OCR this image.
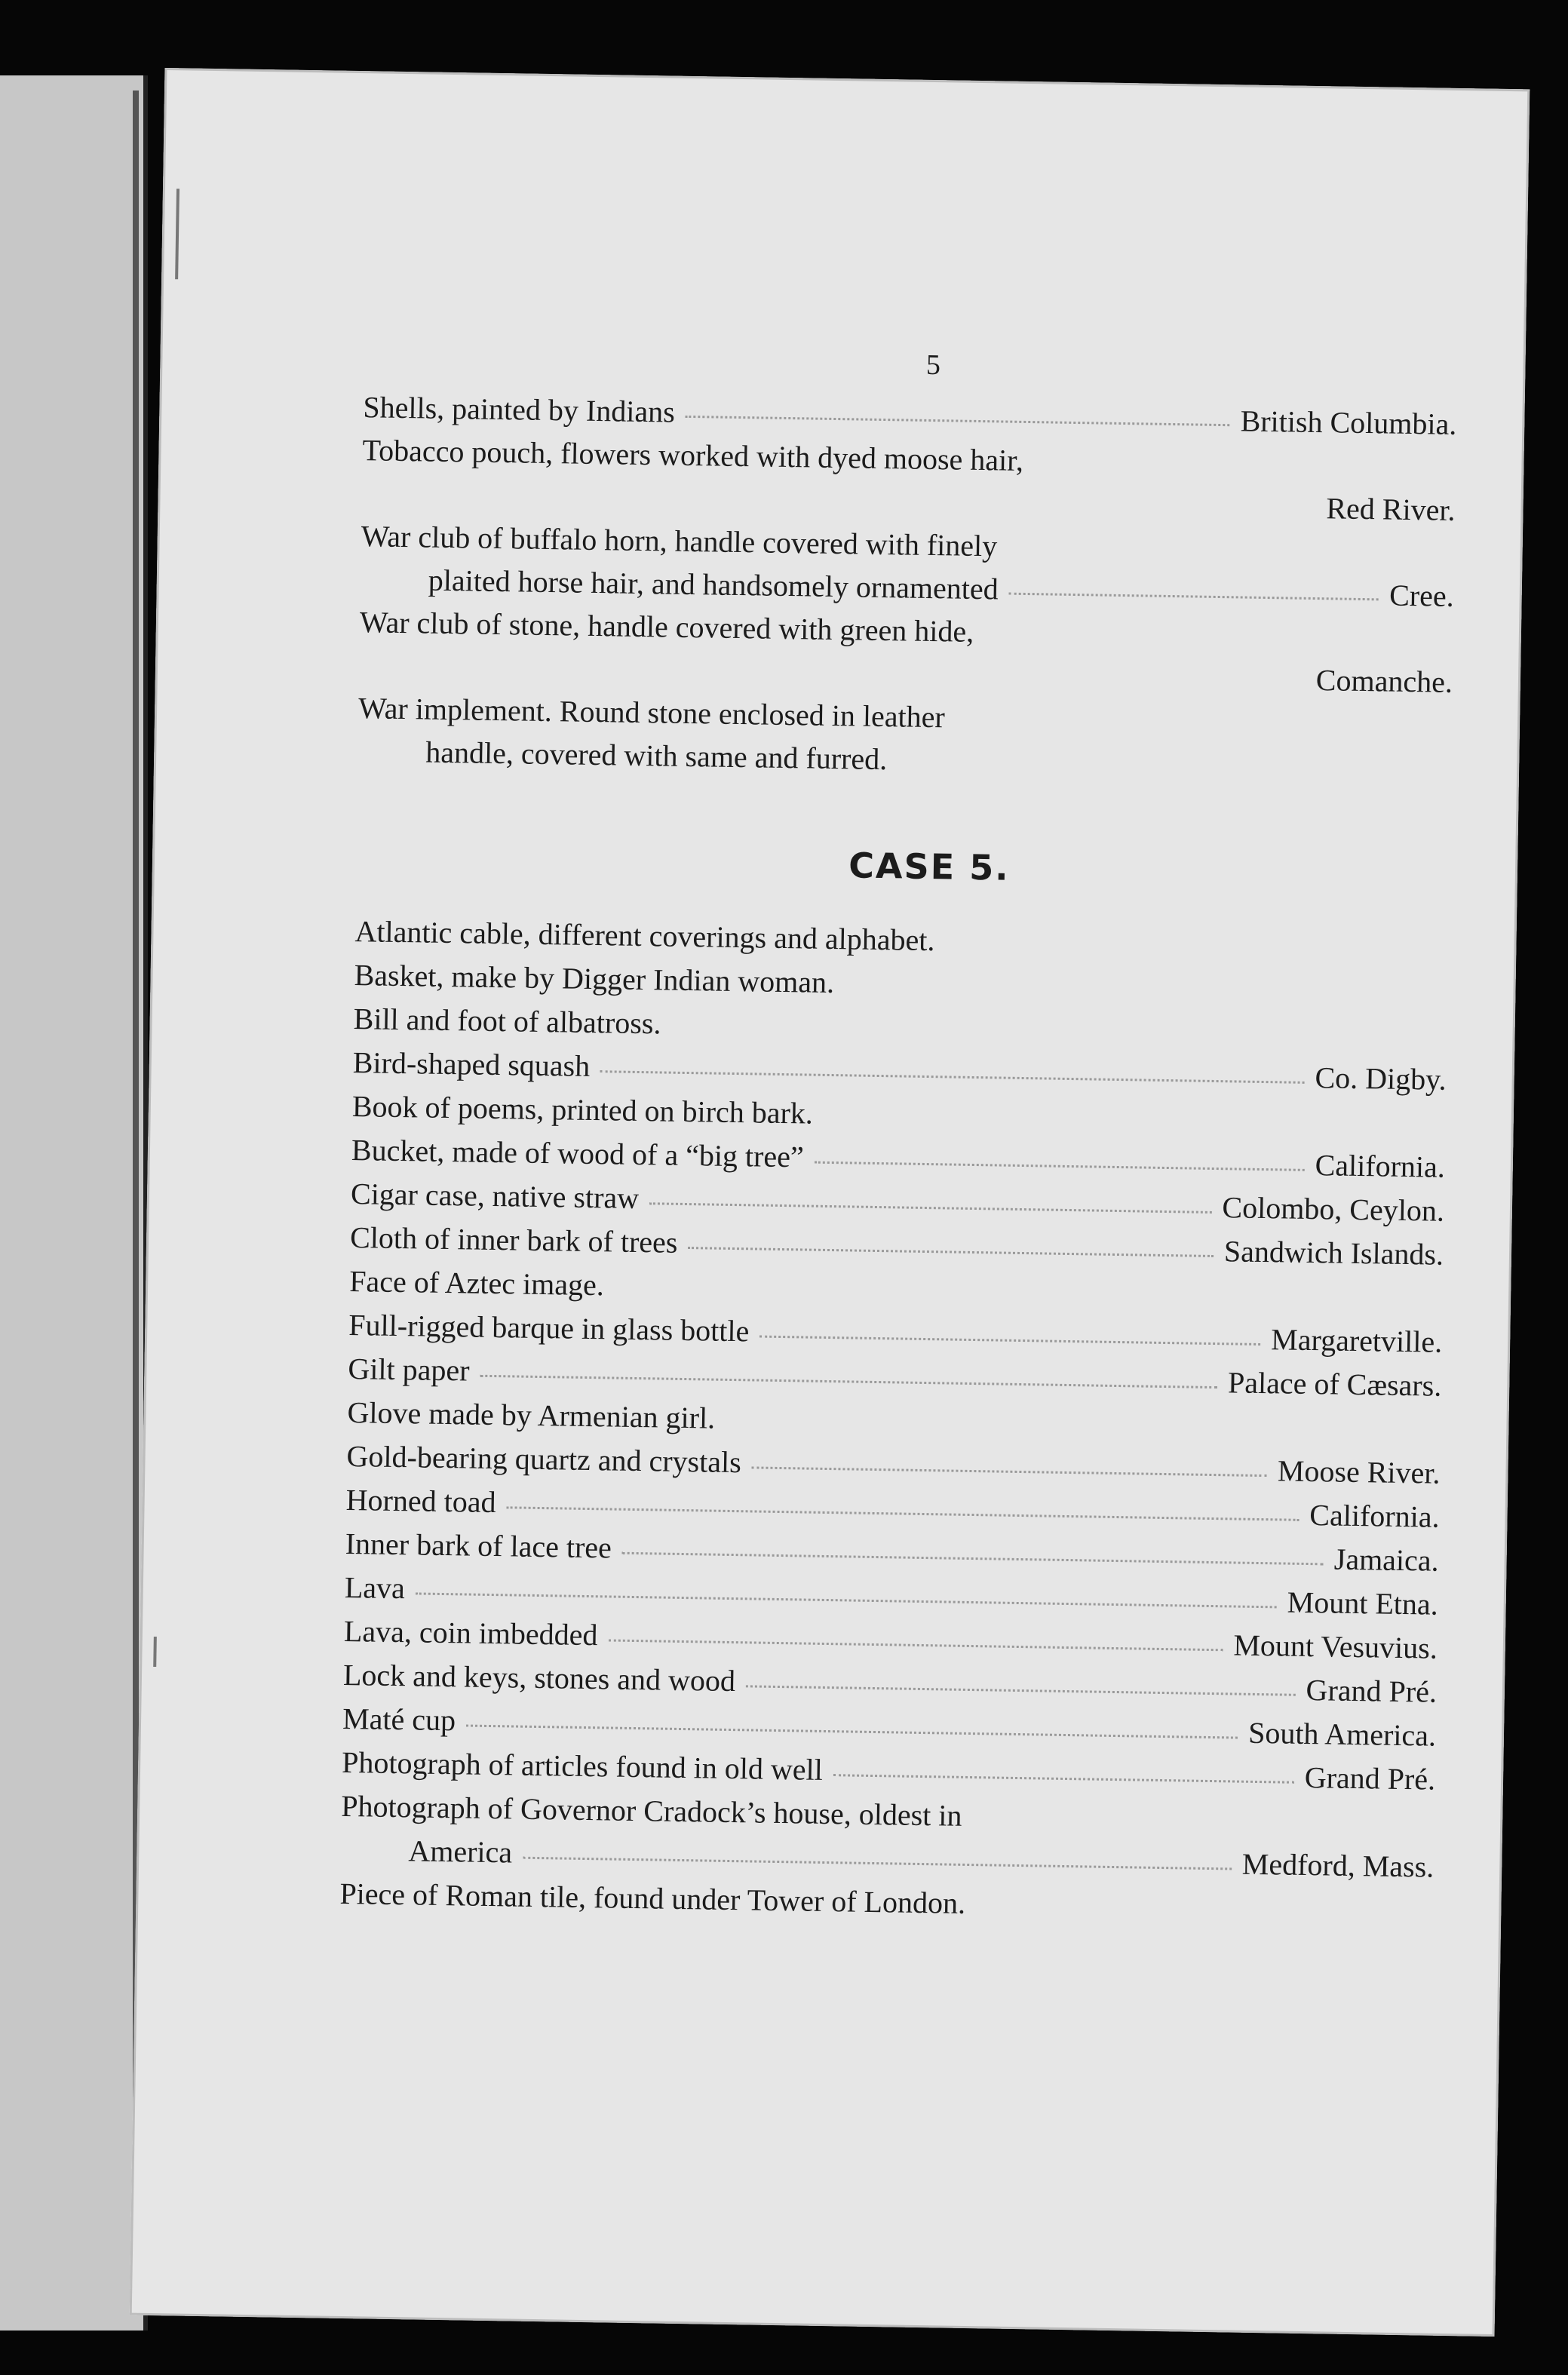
5
Shells, painted by Indians	British Columbia.
Tobacco pouch, flowers worked with dyed moose hair,
Red River.
War club of buffalo horn, handle covered with finely
plaited horse hair, and handsomely ornamented	Cree.
War club of stone, handle covered with green hide,
Comanche.
War implement. Round stone enclosed in leather
handle, covered with same and furred.
CASE 5.
Atlantic cable, different coverings and alphabet.
Basket, make by Digger Indian woman.
Bill and foot of albatross.
Bird-shaped squash	Co. Digby.
Book of poems, printed on birch bark.
Bucket, made of wood of a “big tree”	California.
Cigar case, native straw	Colombo, Ceylon.
Cloth of inner bark of trees	Sandwich Islands.
Face of Aztec image.
Full-rigged barque in glass bottle	Margaretville.
Gilt paper	Palace of Cæsars.
Glove made by Armenian girl.
Gold-bearing quartz and crystals	Moose River.
Horned toad	California.
Inner bark of lace tree	Jamaica.
Lava	Mount Etna.
Lava, coin imbedded	Mount Vesuvius.
Lock and keys, stones and wood	Grand Pré.
Maté cup	South America.
Photograph of articles found in old well	Grand Pré.
Photograph of Governor Cradock’s house, oldest in
America	Medford, Mass.
Piece of Roman tile, found under Tower of London.
